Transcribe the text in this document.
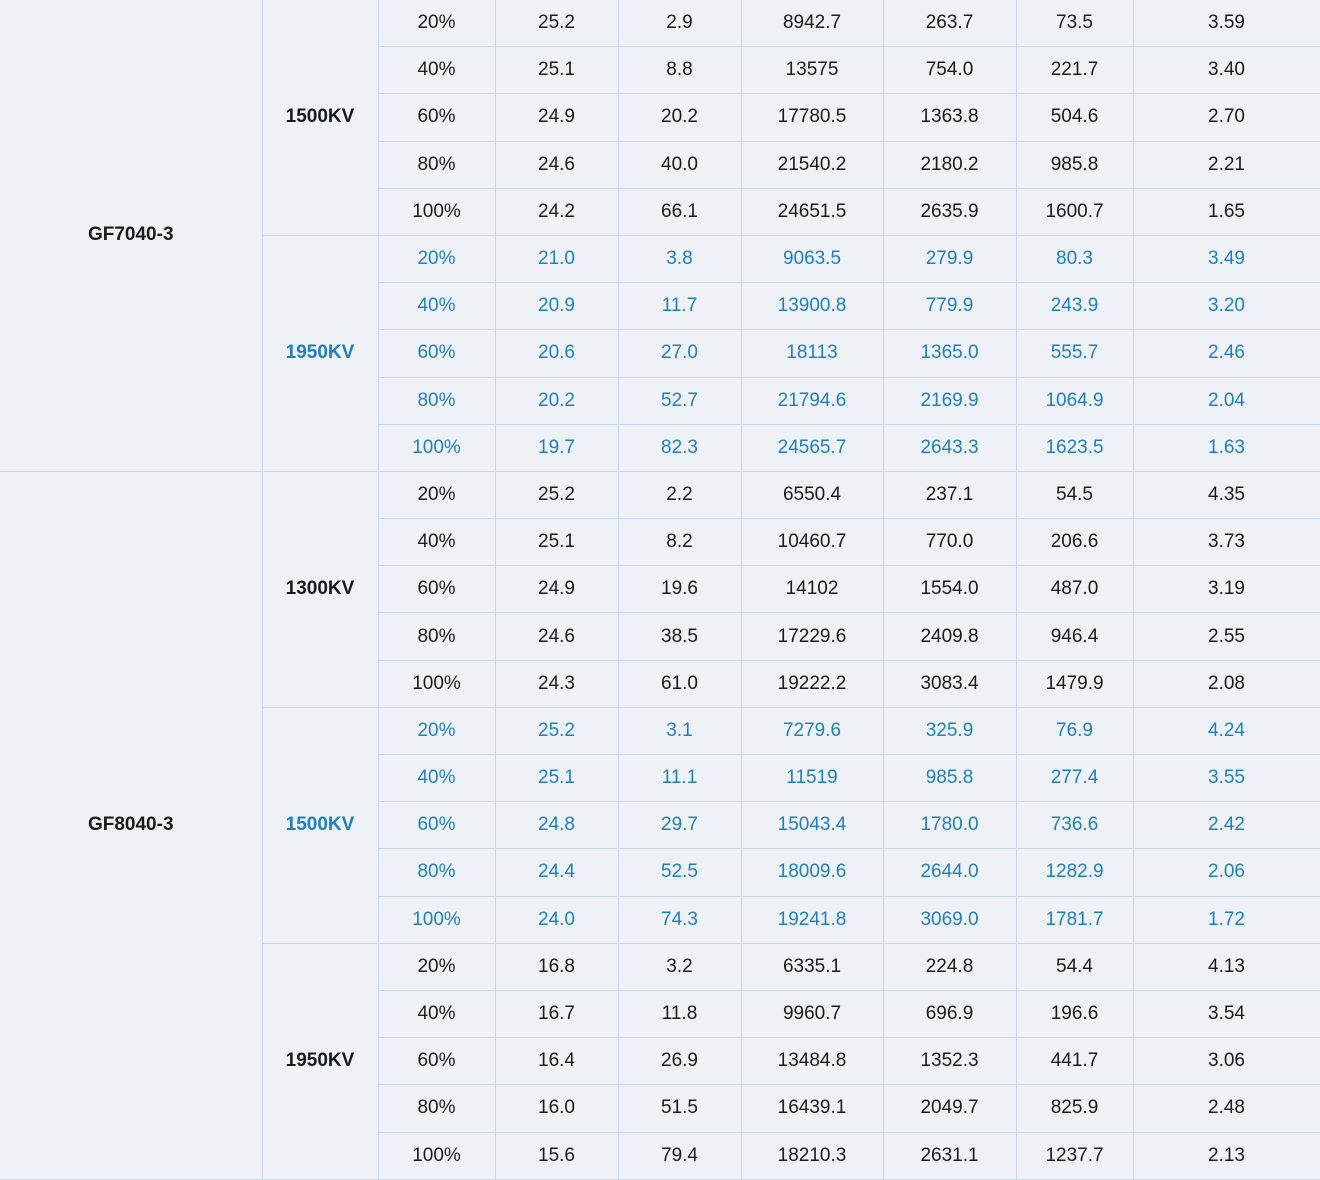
GF7040-3	1500KV	20%	25.2	2.9	8942.7	263.7	73.5	3.59
		40%	25.1	8.8	13575	754.0	221.7	3.40
		60%	24.9	20.2	17780.5	1363.8	504.6	2.70
		80%	24.6	40.0	21540.2	2180.2	985.8	2.21
		100%	24.2	66.1	24651.5	2635.9	1600.7	1.65
	1950KV	20%	21.0	3.8	9063.5	279.9	80.3	3.49
		40%	20.9	11.7	13900.8	779.9	243.9	3.20
		60%	20.6	27.0	18113	1365.0	555.7	2.46
		80%	20.2	52.7	21794.6	2169.9	1064.9	2.04
		100%	19.7	82.3	24565.7	2643.3	1623.5	1.63
GF8040-3	1300KV	20%	25.2	2.2	6550.4	237.1	54.5	4.35
		40%	25.1	8.2	10460.7	770.0	206.6	3.73
		60%	24.9	19.6	14102	1554.0	487.0	3.19
		80%	24.6	38.5	17229.6	2409.8	946.4	2.55
		100%	24.3	61.0	19222.2	3083.4	1479.9	2.08
	1500KV	20%	25.2	3.1	7279.6	325.9	76.9	4.24
		40%	25.1	11.1	11519	985.8	277.4	3.55
		60%	24.8	29.7	15043.4	1780.0	736.6	2.42
		80%	24.4	52.5	18009.6	2644.0	1282.9	2.06
		100%	24.0	74.3	19241.8	3069.0	1781.7	1.72
	1950KV	20%	16.8	3.2	6335.1	224.8	54.4	4.13
		40%	16.7	11.8	9960.7	696.9	196.6	3.54
		60%	16.4	26.9	13484.8	1352.3	441.7	3.06
		80%	16.0	51.5	16439.1	2049.7	825.9	2.48
		100%	15.6	79.4	18210.3	2631.1	1237.7	2.13
